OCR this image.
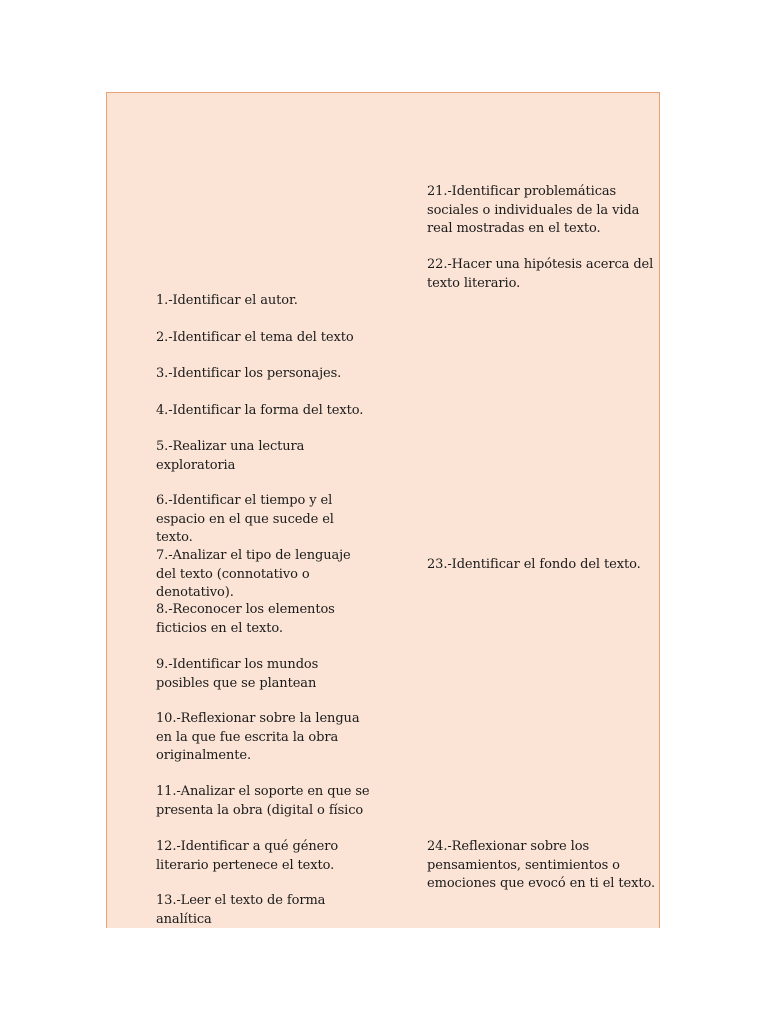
1.-Identificar el autor.

2.-Identificar el tema del texto

3.-Identificar los personajes.

4.-Identificar la forma del texto.

5.-Realizar una lectura exploratoria

6.-Identificar el tiempo y el espacio en el que sucede el texto.

7.-Analizar el tipo de lenguaje del texto (connotativo o denotativo).

8.-Reconocer los elementos ficticios en el texto.

9.-Identificar los mundos posibles que se plantean

10.-Reflexionar sobre la lengua en la que fue escrita la obra originalmente.

11.-Analizar el soporte en que se presenta la obra (digital o físico

12.-Identificar a qué género literario pertenece el texto.

13.-Leer el texto de forma analítica

21.-Identificar problemáticas sociales o individuales de la vida real mostradas en el texto.

22.-Hacer una hipótesis acerca del texto literario.

23.-Identificar el fondo del texto.

24.-Reflexionar sobre los pensamientos, sentimientos o emociones que evocó en ti el texto.
